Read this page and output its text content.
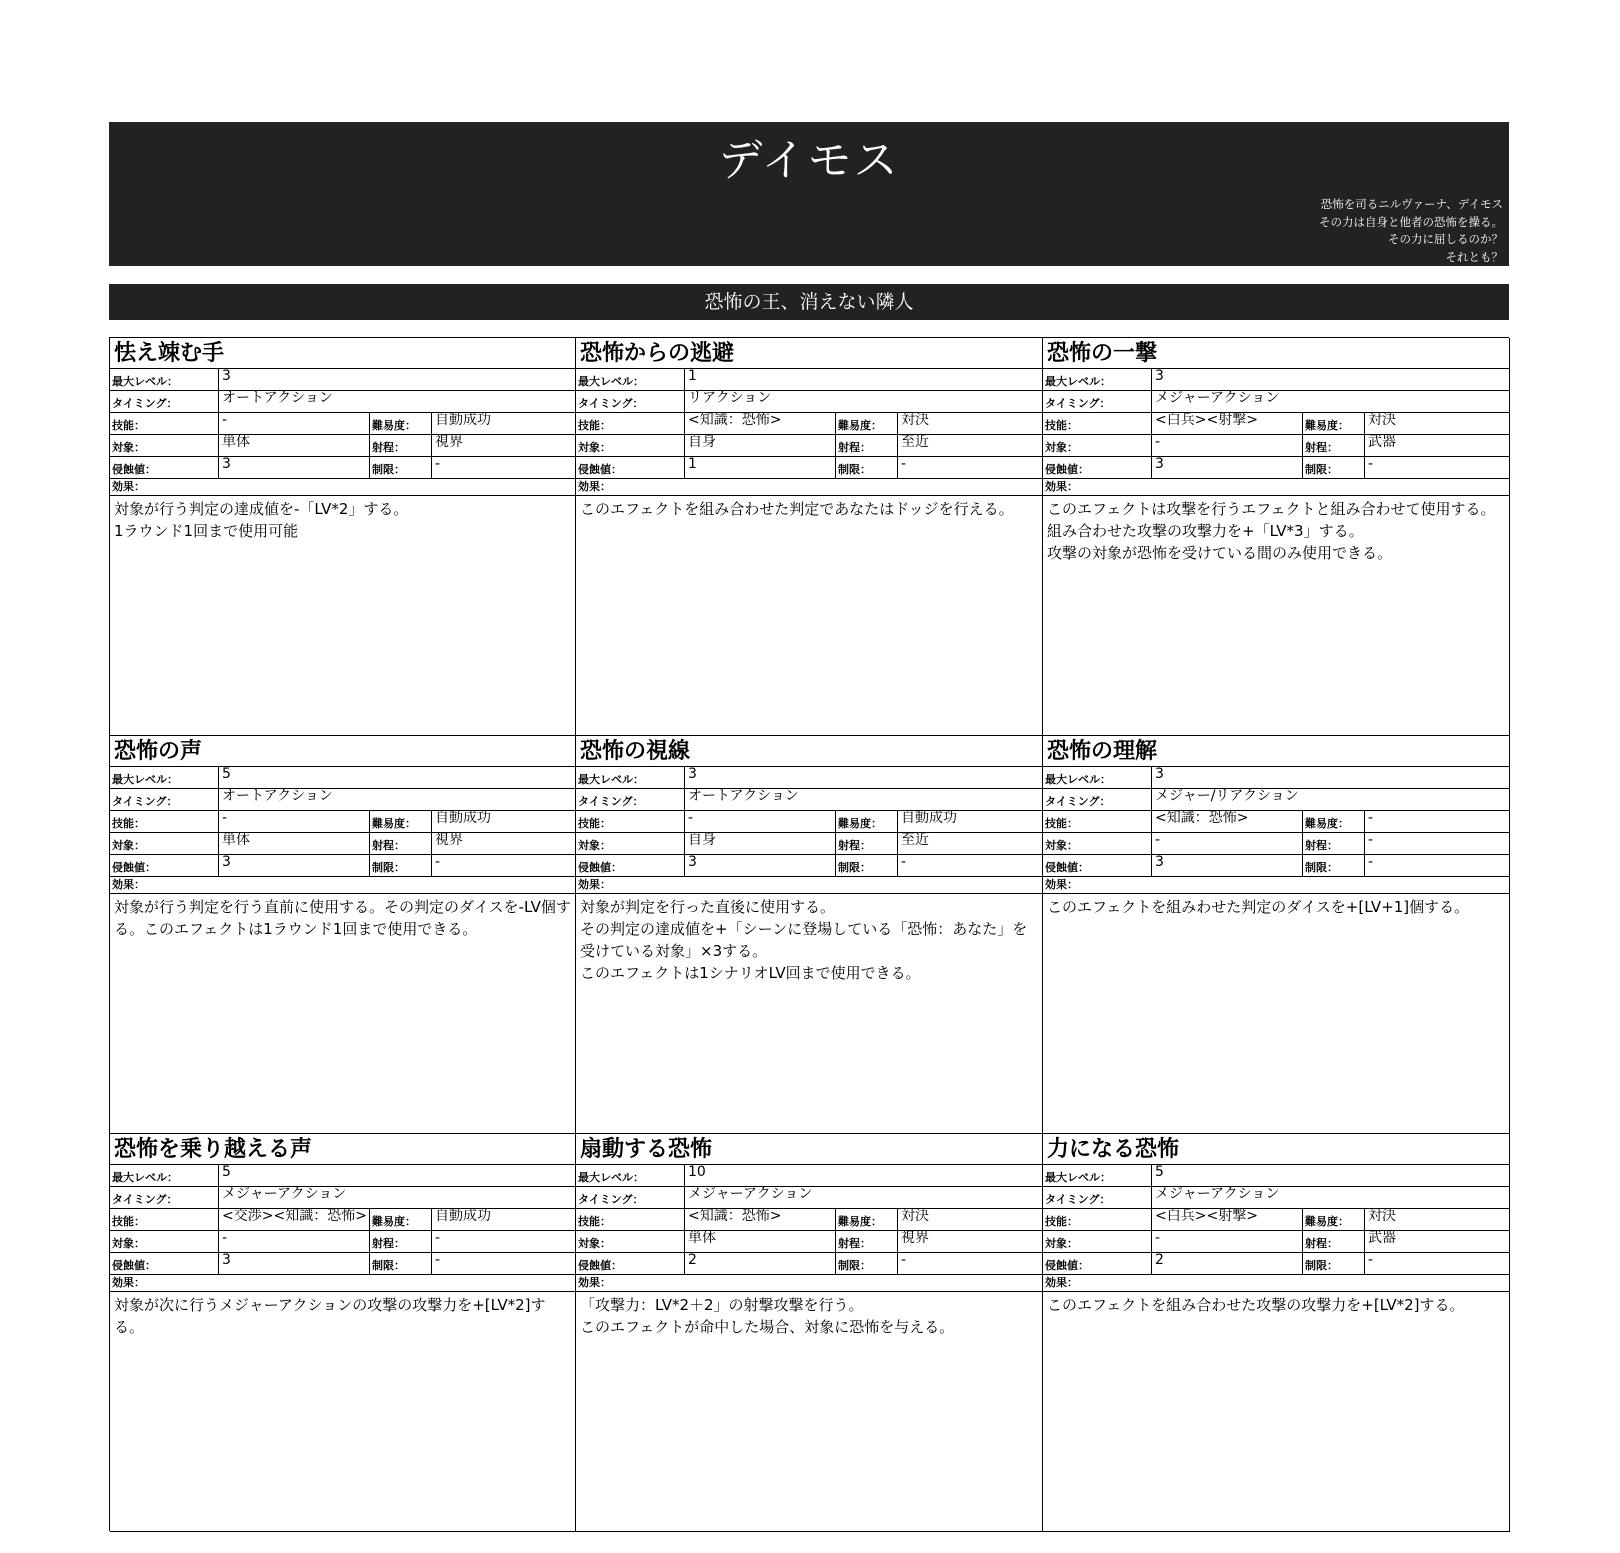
デイモス
恐怖を司るニルヴァーナ、デイモス
その力は自身と他者の恐怖を操る。
その力に屈しるのか？
それとも？
恐怖の王、消えない隣人
怯え竦む手
最大レベル：	3
タイミング：	オートアクション
技能：	-	難易度：	自動成功
対象：	単体	射程：	視界
侵蝕値：	3	制限：	-
効果：
対象が行う判定の達成値を-「LV*2」する。
1ラウンド1回まで使用可能
恐怖からの逃避
最大レベル：	1
タイミング：	リアクション
技能：	<知識：恐怖>	難易度：	対決
対象：	自身	射程：	至近
侵蝕値：	1	制限：	-
効果：
このエフェクトを組み合わせた判定であなたはドッジを行える。
恐怖の一撃
最大レベル：	3
タイミング：	メジャーアクション
技能：	<白兵><射撃>	難易度：	対決
対象：	-	射程：	武器
侵蝕値：	3	制限：	-
効果：
このエフェクトは攻撃を行うエフェクトと組み合わせて使用する。組み合わせた攻撃の攻撃力を+「LV*3」する。
攻撃の対象が恐怖を受けている間のみ使用できる。
恐怖の声
最大レベル：	5
タイミング：	オートアクション
技能：	-	難易度：	自動成功
対象：	単体	射程：	視界
侵蝕値：	3	制限：	-
効果：
対象が行う判定を行う直前に使用する。その判定のダイスを-LV個する。このエフェクトは1ラウンド1回まで使用できる。
恐怖の視線
最大レベル：	3
タイミング：	オートアクション
技能：	-	難易度：	自動成功
対象：	自身	射程：	至近
侵蝕値：	3	制限：	-
効果：
対象が判定を行った直後に使用する。
その判定の達成値を+「シーンに登場している「恐怖：あなた」を受けている対象」×3する。
このエフェクトは1シナリオLV回まで使用できる。
恐怖の理解
最大レベル：	3
タイミング：	メジャー/リアクション
技能：	<知識：恐怖>	難易度：	-
対象：	-	射程：	-
侵蝕値：	3	制限：	-
効果：
このエフェクトを組みわせた判定のダイスを+[LV+1]個する。
恐怖を乗り越える声
最大レベル：	5
タイミング：	メジャーアクション
技能：	<交渉><知識：恐怖> 難易度：	自動成功
対象：	-	射程：	-
侵蝕値：	3	制限：	-
効果：
対象が次に行うメジャーアクションの攻撃の攻撃力を+[LV*2]する。
扇動する恐怖
最大レベル：	10
タイミング：	メジャーアクション
技能：	<知識：恐怖>	難易度：	対決
対象：	単体	射程：	視界
侵蝕値：	2	制限：	-
効果：
「攻撃力：LV*2＋2」の射撃攻撃を行う。
このエフェクトが命中した場合、対象に恐怖を与える。
力になる恐怖
最大レベル：	5
タイミング：	メジャーアクション
技能：	<白兵><射撃>	難易度：	対決
対象：	-	射程：	武器
侵蝕値：	2	制限：	-
効果：
このエフェクトを組み合わせた攻撃の攻撃力を+[LV*2]する。
